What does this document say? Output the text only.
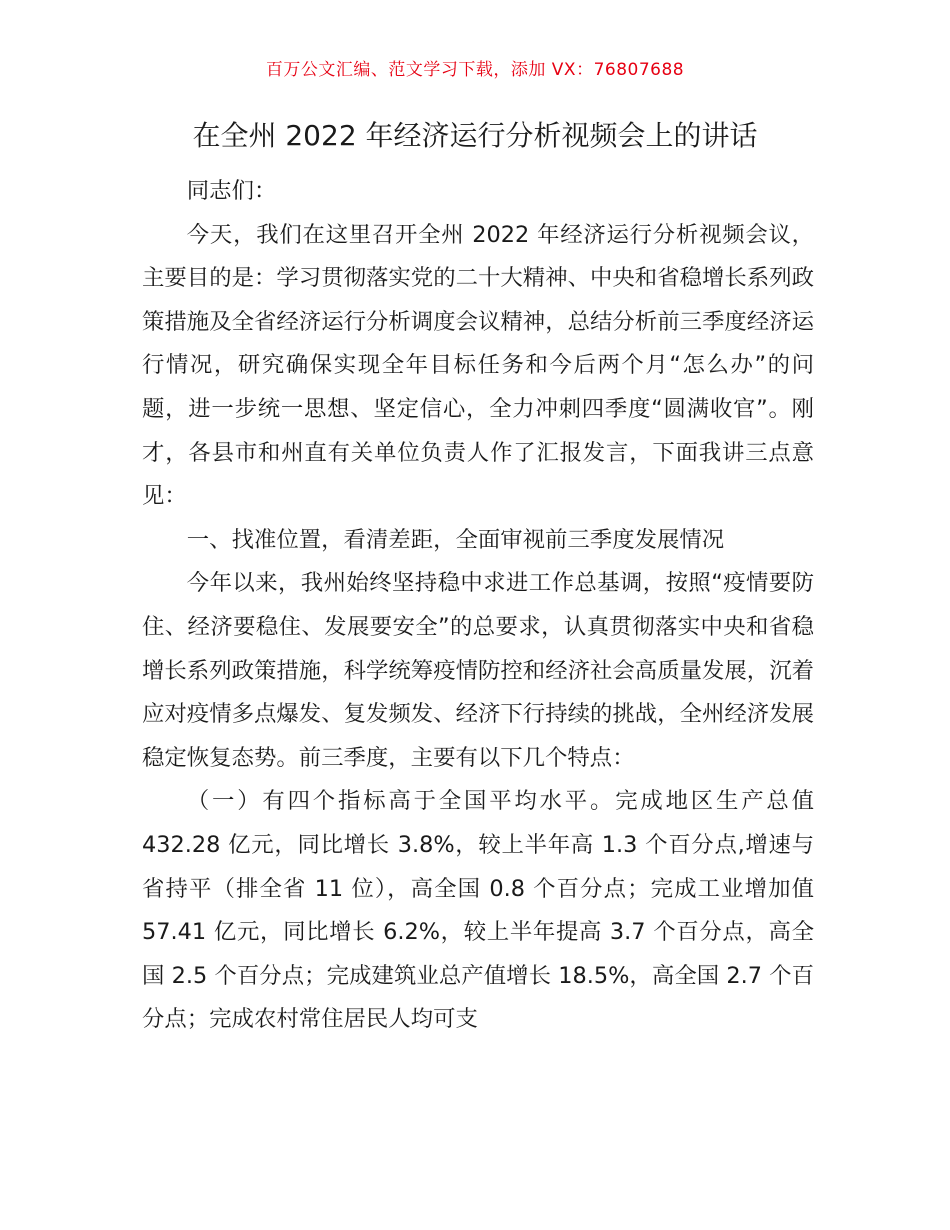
百万公文汇编、范文学习下载，添加 VX：76807688
在全州 2022 年经济运行分析视频会上的讲话

同志们：

今天，我们在这里召开全州 2022 年经济运行分析视频会议，主要目的是：学习贯彻落实党的二十大精神、中央和省稳增长系列政策措施及全省经济运行分析调度会议精神，总结分析前三季度经济运行情况，研究确保实现全年目标任务和今后两个月“怎么办”的问题，进一步统一思想、坚定信心，全力冲刺四季度“圆满收官”。刚才，各县市和州直有关单位负责人作了汇报发言，下面我讲三点意见：

一、找准位置，看清差距，全面审视前三季度发展情况

今年以来，我州始终坚持稳中求进工作总基调，按照“疫情要防住、经济要稳住、发展要安全”的总要求，认真贯彻落实中央和省稳增长系列政策措施，科学统筹疫情防控和经济社会高质量发展，沉着应对疫情多点爆发、复发频发、经济下行持续的挑战，全州经济发展稳定恢复态势。前三季度，主要有以下几个特点：

（一）有四个指标高于全国平均水平。完成地区生产总值 432.28 亿元，同比增长 3.8%，较上半年高 1.3 个百分点,增速与省持平（排全省 11 位），高全国 0.8 个百分点；完成工业增加值 57.41 亿元，同比增长 6.2%，较上半年提高 3.7 个百分点，高全国 2.5 个百分点；完成建筑业总产值增长 18.5%，高全国 2.7 个百分点；完成农村常住居民人均可支
